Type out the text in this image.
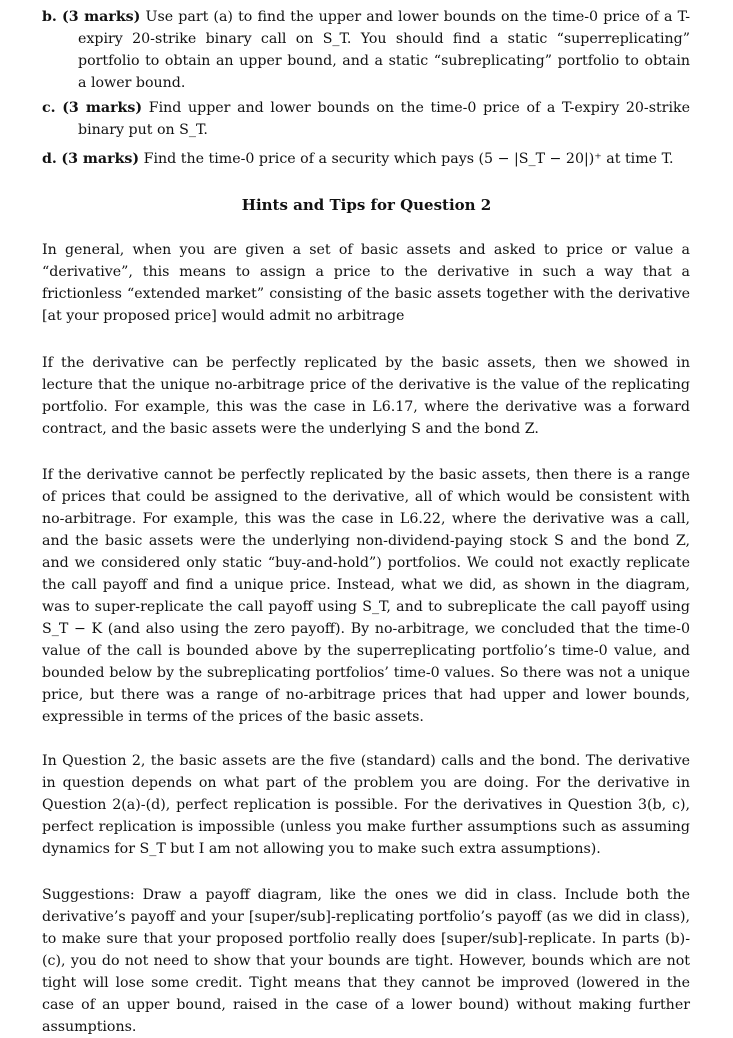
b. (3 marks) Use part (a) to find the upper and lower bounds on the time-0 price of a T-expiry 20-strike binary call on S_T. You should find a static “superreplicating” portfolio to obtain an upper bound, and a static “subreplicating” portfolio to obtain a lower bound.
c. (3 marks) Find upper and lower bounds on the time-0 price of a T-expiry 20-strike binary put on S_T.
d. (3 marks) Find the time-0 price of a security which pays (5 − |S_T − 20|)⁺ at time T.
Hints and Tips for Question 2

In general, when you are given a set of basic assets and asked to price or value a “derivative”, this means to assign a price to the derivative in such a way that a frictionless “extended market” consisting of the basic assets together with the derivative [at your proposed price] would admit no arbitrage

If the derivative can be perfectly replicated by the basic assets, then we showed in lecture that the unique no-arbitrage price of the derivative is the value of the replicating portfolio. For example, this was the case in L6.17, where the derivative was a forward contract, and the basic assets were the underlying S and the bond Z.

If the derivative cannot be perfectly replicated by the basic assets, then there is a range of prices that could be assigned to the derivative, all of which would be consistent with no-arbitrage. For example, this was the case in L6.22, where the derivative was a call, and the basic assets were the underlying non-dividend-paying stock S and the bond Z, and we considered only static “buy-and-hold”) portfolios. We could not exactly replicate the call payoff and find a unique price. Instead, what we did, as shown in the diagram, was to super-replicate the call payoff using S_T, and to subreplicate the call payoff using S_T − K (and also using the zero payoff). By no-arbitrage, we concluded that the time-0 value of the call is bounded above by the superreplicating portfolio’s time-0 value, and bounded below by the subreplicating portfolios’ time-0 values. So there was not a unique price, but there was a range of no-arbitrage prices that had upper and lower bounds, expressible in terms of the prices of the basic assets.

In Question 2, the basic assets are the five (standard) calls and the bond. The derivative in question depends on what part of the problem you are doing. For the derivative in Question 2(a)-(d), perfect replication is possible. For the derivatives in Question 3(b, c), perfect replication is impossible (unless you make further assumptions such as assuming dynamics for S_T but I am not allowing you to make such extra assumptions).

Suggestions: Draw a payoff diagram, like the ones we did in class. Include both the derivative’s payoff and your [super/sub]-replicating portfolio’s payoff (as we did in class), to make sure that your proposed portfolio really does [super/sub]-replicate. In parts (b)-(c), you do not need to show that your bounds are tight. However, bounds which are not tight will lose some credit. Tight means that they cannot be improved (lowered in the case of an upper bound, raised in the case of a lower bound) without making further assumptions.
